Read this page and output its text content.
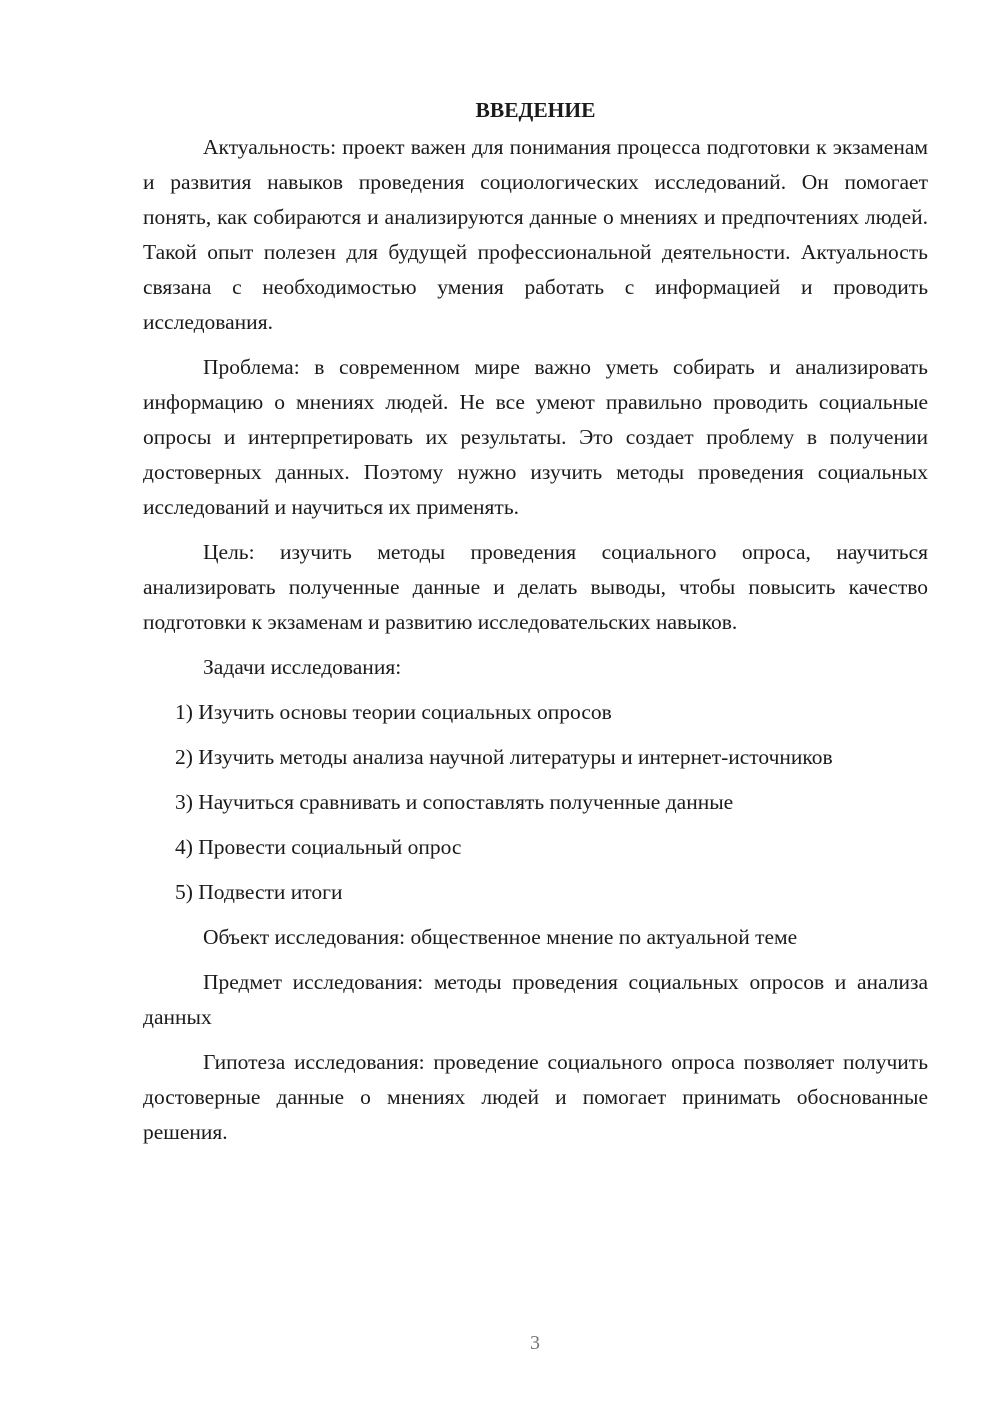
ВВЕДЕНИЕ

Актуальность: проект важен для понимания процесса подготовки к экзаменам и развития навыков проведения социологических исследований. Он помогает понять, как собираются и анализируются данные о мнениях и предпочтениях людей. Такой опыт полезен для будущей профессиональной деятельности. Актуальность связана с необходимостью умения работать с информацией и проводить исследования.

Проблема: в современном мире важно уметь собирать и анализировать информацию о мнениях людей. Не все умеют правильно проводить социальные опросы и интерпретировать их результаты. Это создает проблему в получении достоверных данных. Поэтому нужно изучить методы проведения социальных исследований и научиться их применять.

Цель: изучить методы проведения социального опроса, научиться анализировать полученные данные и делать выводы, чтобы повысить качество подготовки к экзаменам и развитию исследовательских навыков.

Задачи исследования:

1) Изучить основы теории социальных опросов

2) Изучить методы анализа научной литературы и интернет-источников

3) Научиться сравнивать и сопоставлять полученные данные

4) Провести социальный опрос

5) Подвести итоги

Объект исследования: общественное мнение по актуальной теме

Предмет исследования: методы проведения социальных опросов и анализа данных

Гипотеза исследования: проведение социального опроса позволяет получить достоверные данные о мнениях людей и помогает принимать обоснованные решения.

3
